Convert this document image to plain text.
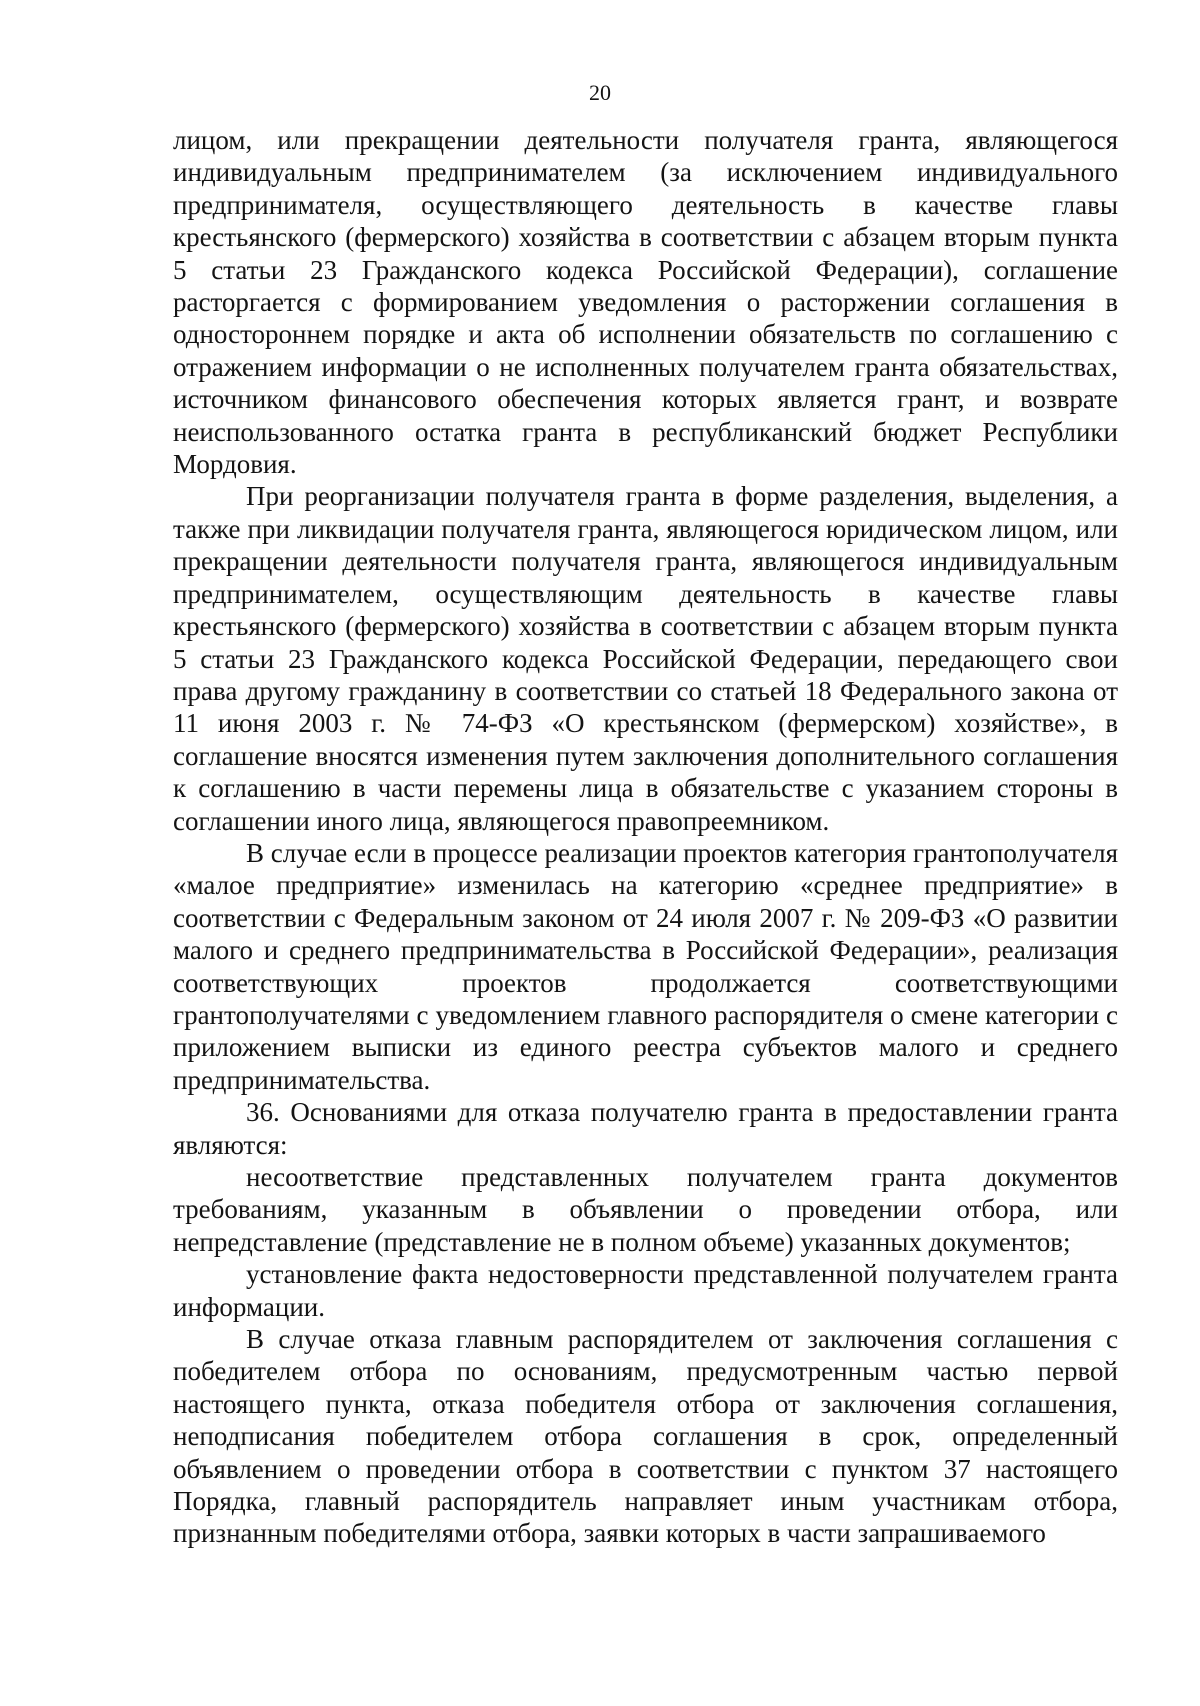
20

лицом, или прекращении деятельности получателя гранта, являющегося индивидуальным предпринимателем (за исключением индивидуального предпринимателя, осуществляющего деятельность в качестве главы крестьянского (фермерского) хозяйства в соответствии с абзацем вторым пункта 5 статьи 23 Гражданского кодекса Российской Федерации), соглашение расторгается с формированием уведомления о расторжении соглашения в одностороннем порядке и акта об исполнении обязательств по соглашению с отражением информации о не исполненных получателем гранта обязательствах, источником финансового обеспечения которых является грант, и возврате неиспользованного остатка гранта в республиканский бюджет Республики Мордовия.

При реорганизации получателя гранта в форме разделения, выделения, а также при ликвидации получателя гранта, являющегося юридическом лицом, или прекращении деятельности получателя гранта, являющегося индивидуальным предпринимателем, осуществляющим деятельность в качестве главы крестьянского (фермерского) хозяйства в соответствии с абзацем вторым пункта 5 статьи 23 Гражданского кодекса Российской Федерации, передающего свои права другому гражданину в соответствии со статьей 18 Федерального закона от 11 июня 2003 г. № 74-ФЗ «О крестьянском (фермерском) хозяйстве», в соглашение вносятся изменения путем заключения дополнительного соглашения к соглашению в части перемены лица в обязательстве с указанием стороны в соглашении иного лица, являющегося правопреемником.

В случае если в процессе реализации проектов категория грантополучателя «малое предприятие» изменилась на категорию «среднее предприятие» в соответствии с Федеральным законом от 24 июля 2007 г. № 209-ФЗ «О развитии малого и среднего предпринимательства в Российской Федерации», реализация соответствующих проектов продолжается соответствующими грантополучателями с уведомлением главного распорядителя о смене категории с приложением выписки из единого реестра субъектов малого и среднего предпринимательства.

36. Основаниями для отказа получателю гранта в предоставлении гранта являются:

несоответствие представленных получателем гранта документов требованиям, указанным в объявлении о проведении отбора, или непредставление (представление не в полном объеме) указанных документов;

установление факта недостоверности представленной получателем гранта информации.

В случае отказа главным распорядителем от заключения соглашения с победителем отбора по основаниям, предусмотренным частью первой настоящего пункта, отказа победителя отбора от заключения соглашения, неподписания победителем отбора соглашения в срок, определенный объявлением о проведении отбора в соответствии с пунктом 37 настоящего Порядка, главный распорядитель направляет иным участникам отбора, признанным победителями отбора, заявки которых в части запрашиваемого
